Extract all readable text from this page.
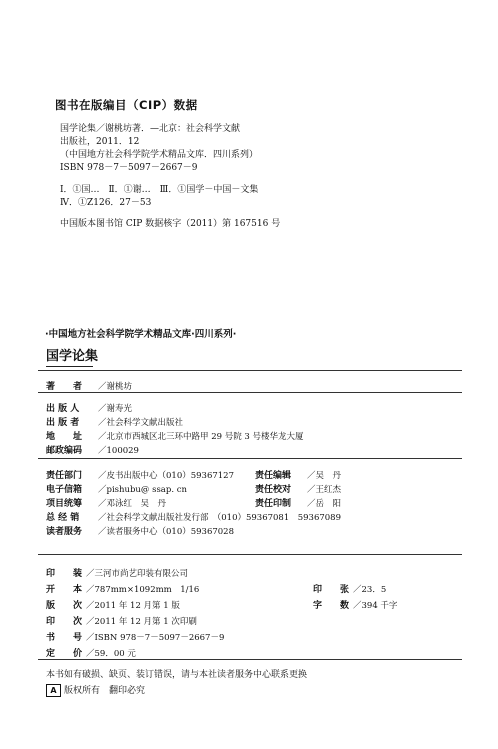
图书在版编目（CIP）数据
国学论集／谢桃坊著．—北京：社会科学文献
出版社，2011．12
（中国地方社会科学院学术精品文库．四川系列）
ISBN 978－7－5097－2667－9
Ⅰ．①国…　Ⅱ．①谢…　Ⅲ．①国学－中国－文集
Ⅳ．①Z126．27－53
中国版本图书馆 CIP 数据核字（2011）第 167516 号
·中国地方社会科学院学术精品文库·四川系列·
国学论集
著　　者 ／谢桃坊
出 版 人 ／谢寿光
出 版 者 ／社会科学文献出版社
地　　址 ／北京市西城区北三环中路甲 29 号院 3 号楼华龙大厦
邮政编码 ／100029
责任部门 ／皮书出版中心（010）59367127 责任编辑 ／吴　丹
电子信箱 ／pishubu@ ssap. cn	责任校对 ／王红杰
项目统筹 ／邓泳红　吴　丹	责任印制 ／岳　阳
总 经 销 ／社会科学文献出版社发行部　（010）59367081　59367089
读者服务 ／读者服务中心（010）59367028
印　　装 ／三河市尚艺印装有限公司
开　　本 ／787mm×1092mm　1/16	印　　张 ／23．5
版　　次 ／2011 年 12 月第 1 版	字　　数 ／394 千字
印　　次 ／2011 年 12 月第 1 次印刷
书　　号 ／ISBN 978－7－5097－2667－9
定　　价 ／59．00 元
本书如有破损、缺页、装订错误，请与本社读者服务中心联系更换
A 版权所有　翻印必究
